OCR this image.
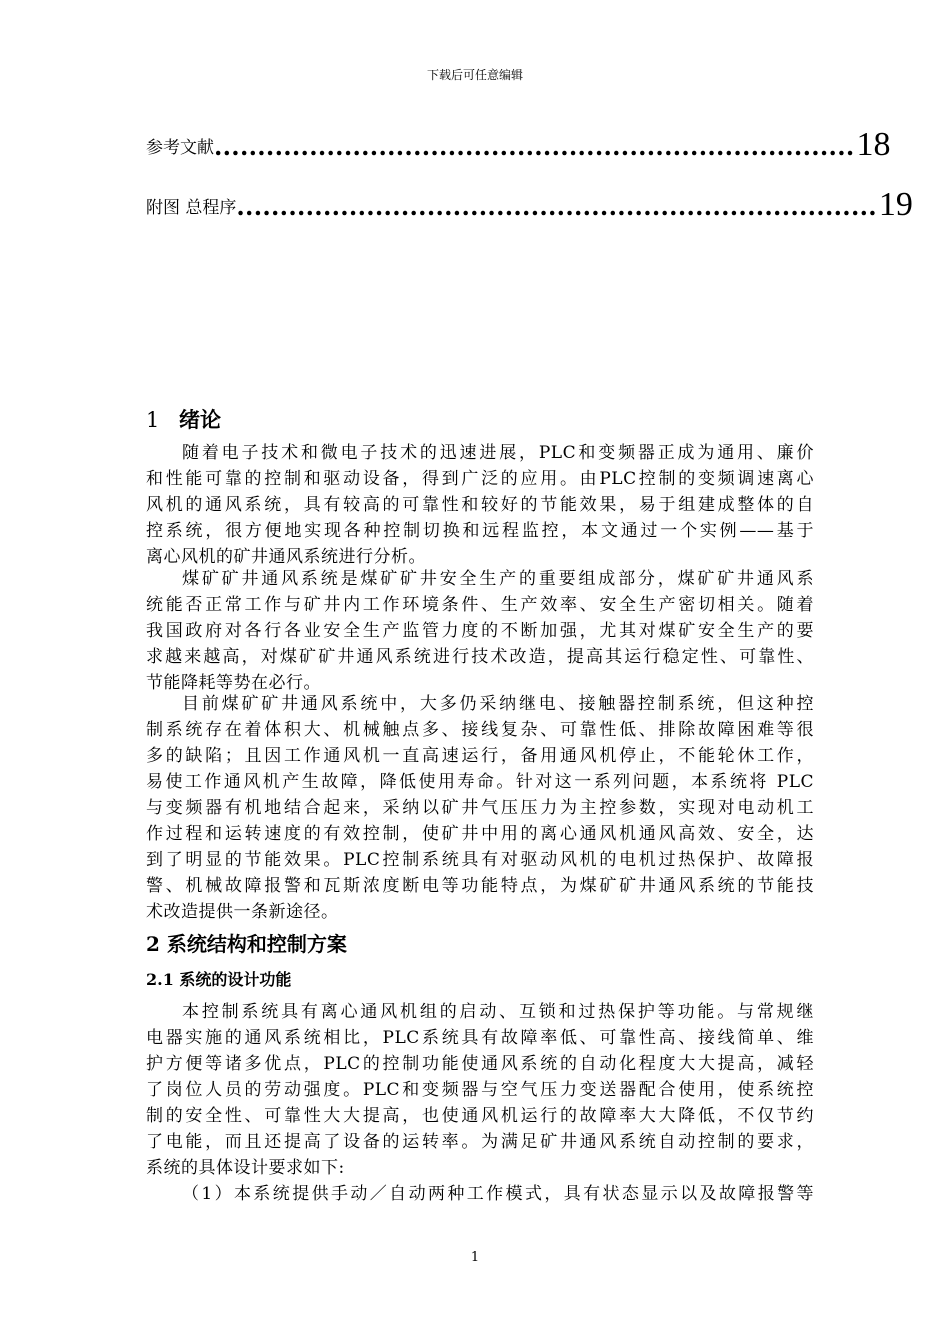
下载后可任意编辑
参考文献 .......................................................................... 18
附图 总程序 .......................................................................... 19
1 绪论
随着电子技术和微电子技术的迅速进展，PLC和变频器正成为通用、廉价
和性能可靠的控制和驱动设备，得到广泛的应用。由PLC控制的变频调速离心
风机的通风系统，具有较高的可靠性和较好的节能效果，易于组建成整体的自
控系统，很方便地实现各种控制切换和远程监控，本文通过一个实例——基于
离心风机的矿井通风系统进行分析。
煤矿矿井通风系统是煤矿矿井安全生产的重要组成部分，煤矿矿井通风系
统能否正常工作与矿井内工作环境条件、生产效率、安全生产密切相关。随着
我国政府对各行各业安全生产监管力度的不断加强，尤其对煤矿安全生产的要
求越来越高，对煤矿矿井通风系统进行技术改造，提高其运行稳定性、可靠性、
节能降耗等势在必行。
目前煤矿矿井通风系统中，大多仍采纳继电、接触器控制系统，但这种控
制系统存在着体积大、机械触点多、接线复杂、可靠性低、排除故障困难等很
多的缺陷；且因工作通风机一直高速运行，备用通风机停止，不能轮休工作，
易使工作通风机产生故障，降低使用寿命。针对这一系列问题，本系统将 PLC
与变频器有机地结合起来，采纳以矿井气压压力为主控参数，实现对电动机工
作过程和运转速度的有效控制，使矿井中用的离心通风机通风高效、安全，达
到了明显的节能效果。PLC控制系统具有对驱动风机的电机过热保护、故障报
警、机械故障报警和瓦斯浓度断电等功能特点，为煤矿矿井通风系统的节能技
术改造提供一条新途径。
2 系统结构和控制方案
2.1 系统的设计功能
本控制系统具有离心通风机组的启动、互锁和过热保护等功能。与常规继
电器实施的通风系统相比，PLC系统具有故障率低、可靠性高、接线简单、维
护方便等诸多优点，PLC的控制功能使通风系统的自动化程度大大提高，减轻
了岗位人员的劳动强度。PLC和变频器与空气压力变送器配合使用，使系统控
制的安全性、可靠性大大提高，也使通风机运行的故障率大大降低，不仅节约
了电能，而且还提高了设备的运转率。为满足矿井通风系统自动控制的要求，
系统的具体设计要求如下:
（1）本系统提供手动／自动两种工作模式，具有状态显示以及故障报警等
1
